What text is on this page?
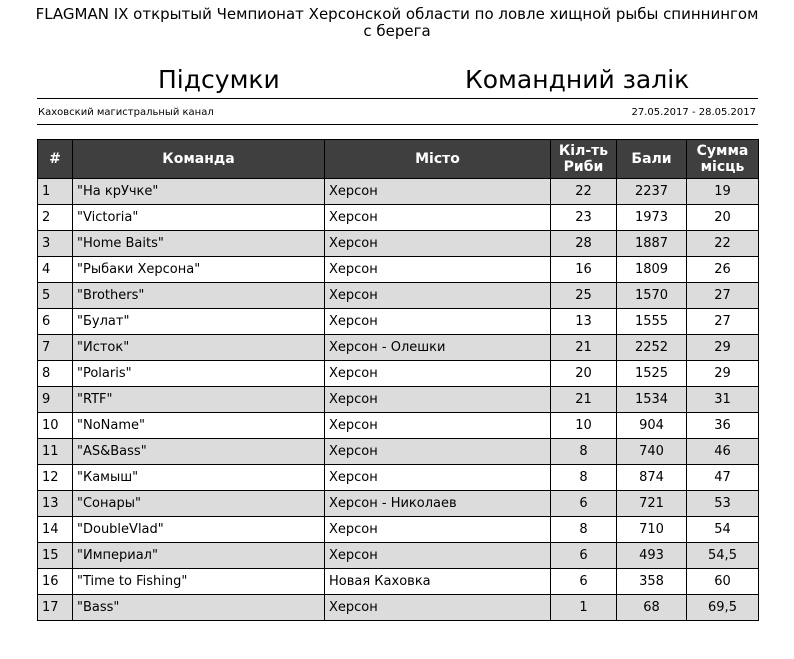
FLAGMAN IX открытый Чемпионат Херсонской области по ловле хищной рыбы спиннингом с берега
Підсумки	Командний залік
Каховский магистральный канал	27.05.2017 - 28.05.2017
#	Команда	Місто	Кіл-ть Риби	Бали	Сумма місць
1	"На крУчке"	Херсон	22	2237	19
2	"Victoria"	Херсон	23	1973	20
3	"Home Baits"	Херсон	28	1887	22
4	"Рыбаки Херсона"	Херсон	16	1809	26
5	"Brothers"	Херсон	25	1570	27
6	"Булат"	Херсон	13	1555	27
7	"Исток"	Херсон - Олешки	21	2252	29
8	"Polaris"	Херсон	20	1525	29
9	"RTF"	Херсон	21	1534	31
10	"NoName"	Херсон	10	904	36
11	"AS&Bass"	Херсон	8	740	46
12	"Камыш"	Херсон	8	874	47
13	"Сонары"	Херсон - Николаев	6	721	53
14	"DoubleVlad"	Херсон	8	710	54
15	"Империал"	Херсон	6	493	54,5
16	"Time to Fishing"	Новая Каховка	6	358	60
17	"Bass"	Херсон	1	68	69,5
